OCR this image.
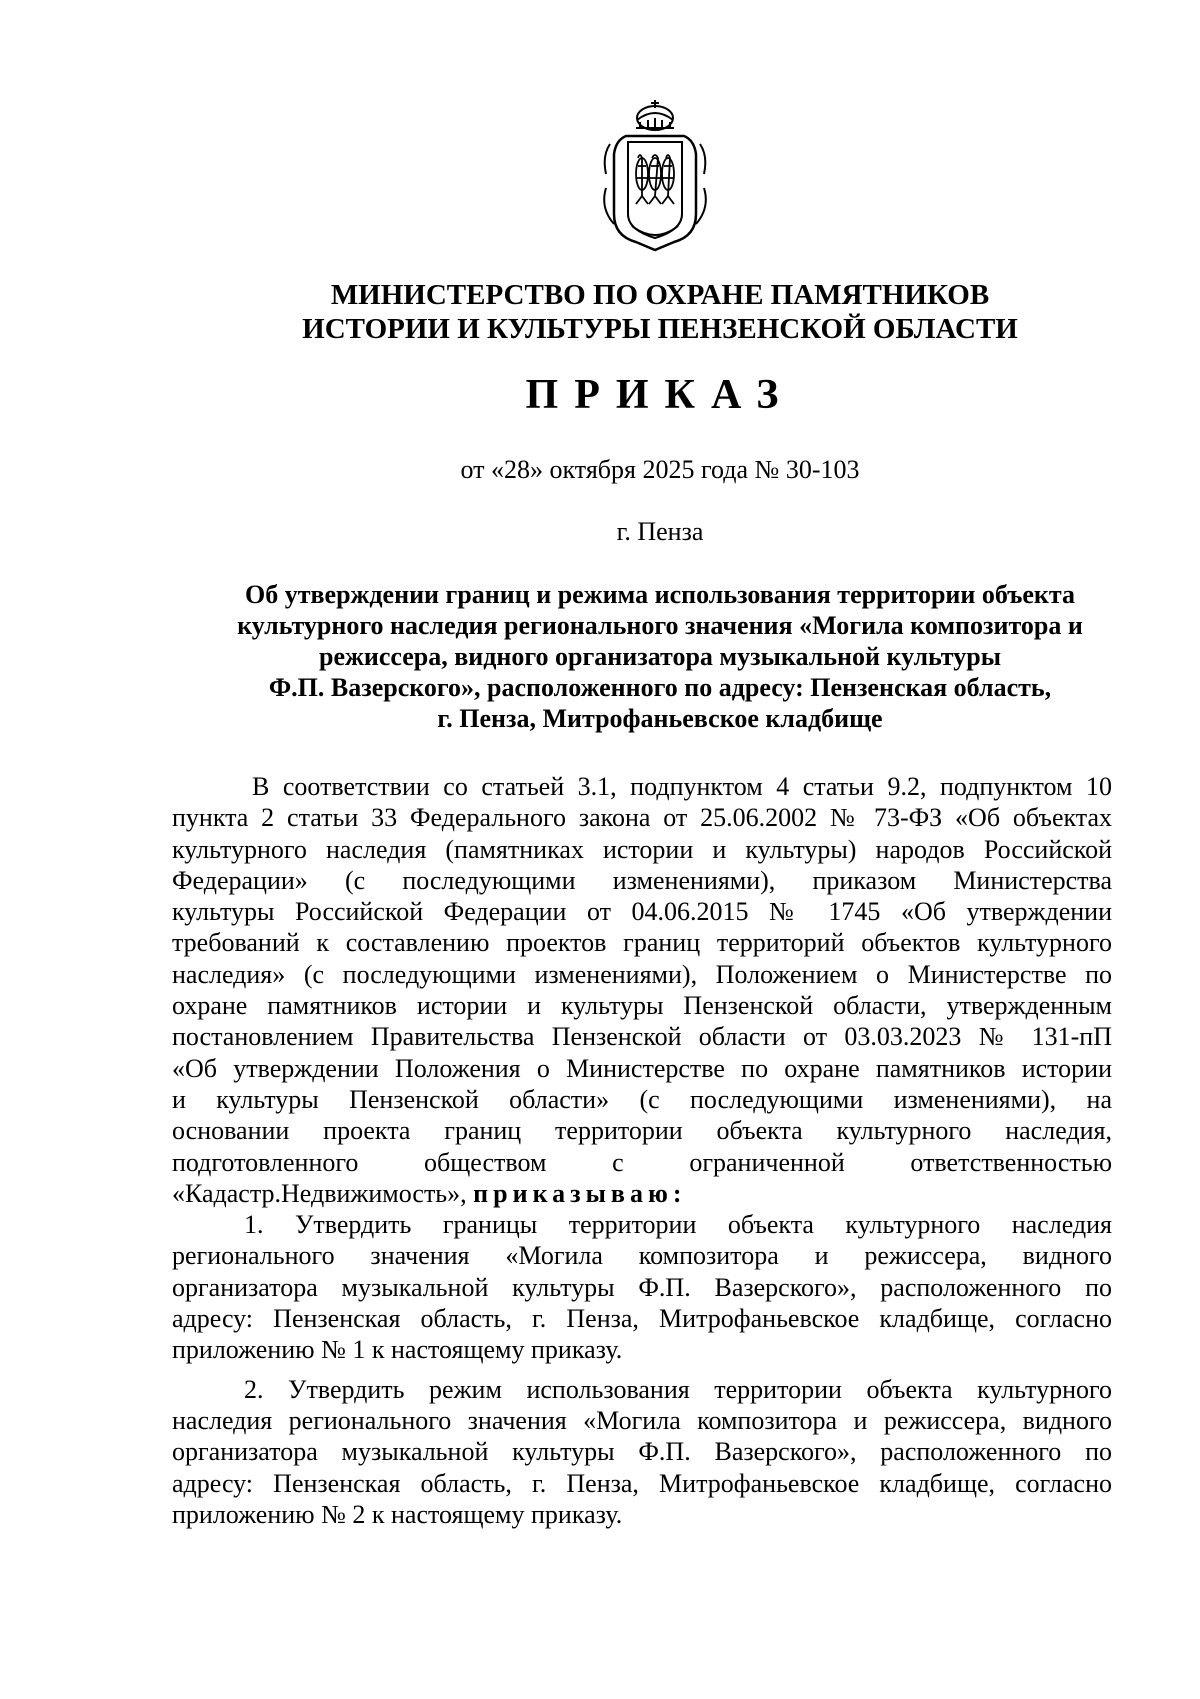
МИНИСТЕРСТВО ПО ОХРАНЕ ПАМЯТНИКОВ
ИСТОРИИ И КУЛЬТУРЫ ПЕНЗЕНСКОЙ ОБЛАСТИ
ПРИКАЗ
от «28» октября 2025 года № 30-103
г. Пенза
Об утверждении границ и режима использования территории объекта
культурного наследия регионального значения «Могила композитора и
режиссера, видного организатора музыкальной культуры
Ф.П. Вазерского», расположенного по адресу: Пензенская область,
г. Пенза, Митрофаньевское кладбище
В соответствии со статьей 3.1, подпунктом 4 статьи 9.2, подпунктом 10
пункта 2 статьи 33 Федерального закона от 25.06.2002 № 73-ФЗ «Об объектах
культурного наследия (памятниках истории и культуры) народов Российской
Федерации» (с последующими изменениями), приказом Министерства
культуры Российской Федерации от 04.06.2015 № 1745 «Об утверждении
требований к составлению проектов границ территорий объектов культурного
наследия» (с последующими изменениями), Положением о Министерстве по
охране памятников истории и культуры Пензенской области, утвержденным
постановлением Правительства Пензенской области от 03.03.2023 № 131-пП
«Об утверждении Положения о Министерстве по охране памятников истории
и культуры Пензенской области» (с последующими изменениями), на
основании проекта границ территории объекта культурного наследия,
подготовленного обществом с ограниченной ответственностью
«Кадастр.Недвижимость», приказываю:
1. Утвердить границы территории объекта культурного наследия
регионального значения «Могила композитора и режиссера, видного
организатора музыкальной культуры Ф.П. Вазерского», расположенного по
адресу: Пензенская область, г. Пенза, Митрофаньевское кладбище, согласно
приложению № 1 к настоящему приказу.
2. Утвердить режим использования территории объекта культурного
наследия регионального значения «Могила композитора и режиссера, видного
организатора музыкальной культуры Ф.П. Вазерского», расположенного по
адресу: Пензенская область, г. Пенза, Митрофаньевское кладбище, согласно
приложению № 2 к настоящему приказу.
